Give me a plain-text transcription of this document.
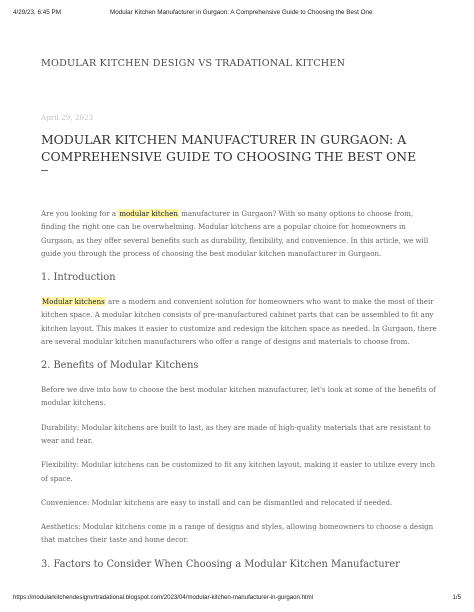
4/29/23, 6:45 PM	Modular Kitchen Manufacturer in Gurgaon: A Comprehensive Guide to Choosing the Best One
MODULAR KITCHEN DESIGN VS TRADATIONAL KITCHEN
April 29, 2023
MODULAR KITCHEN MANUFACTURER IN GURGAON: A COMPREHENSIVE GUIDE TO CHOOSING THE BEST ONE

Are you looking for a modular kitchen manufacturer in Gurgaon? With so many options to choose from, finding the right one can be overwhelming. Modular kitchens are a popular choice for homeowners in Gurgaon, as they offer several benefits such as durability, flexibility, and convenience. In this article, we will guide you through the process of choosing the best modular kitchen manufacturer in Gurgaon.

1. Introduction

Modular kitchens are a modern and convenient solution for homeowners who want to make the most of their kitchen space. A modular kitchen consists of pre-manufactured cabinet parts that can be assembled to fit any kitchen layout. This makes it easier to customize and redesign the kitchen space as needed. In Gurgaon, there are several modular kitchen manufacturers who offer a range of designs and materials to choose from.

2. Benefits of Modular Kitchens

Before we dive into how to choose the best modular kitchen manufacturer, let's look at some of the benefits of modular kitchens.

Durability: Modular kitchens are built to last, as they are made of high-quality materials that are resistant to wear and tear.

Flexibility: Modular kitchens can be customized to fit any kitchen layout, making it easier to utilize every inch of space.

Convenience: Modular kitchens are easy to install and can be dismantled and relocated if needed.

Aesthetics: Modular kitchens come in a range of designs and styles, allowing homeowners to choose a design that matches their taste and home decor.

3. Factors to Consider When Choosing a Modular Kitchen Manufacturer
https://modularkitchendesignvrtradational.blogspot.com/2023/04/modular-kitchen-manufacturer-in-gurgaon.html	1/5
